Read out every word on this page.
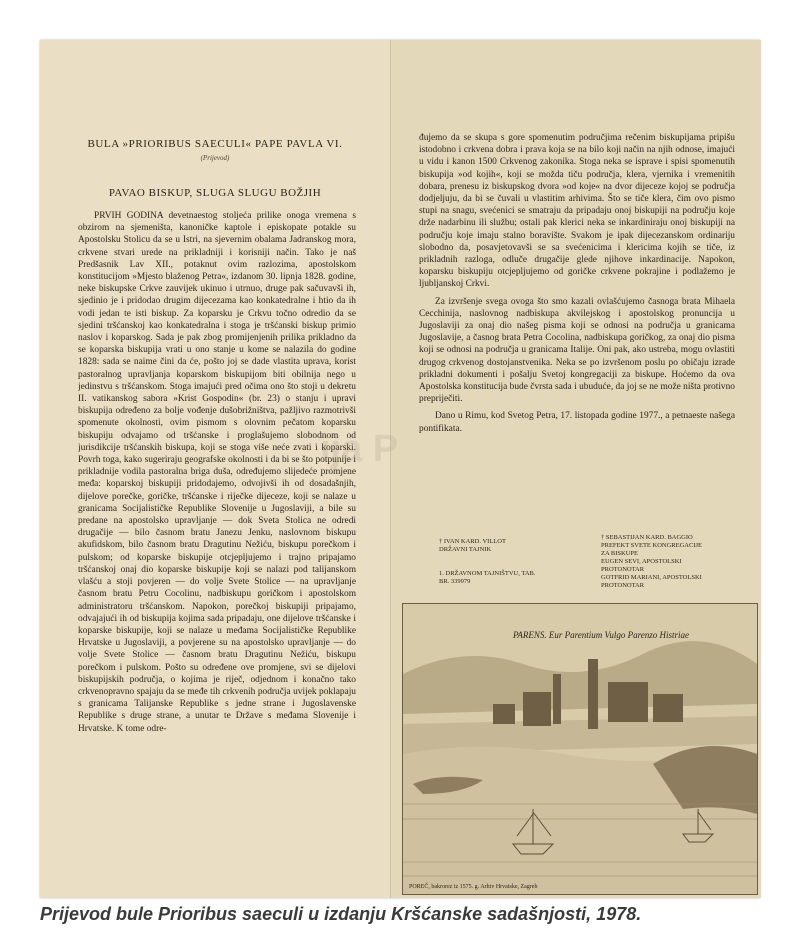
BULA »PRIORIBUS SAECULI« PAPE PAVLA VI.
(Prijevod)
PAVAO BISKUP, SLUGA SLUGU BOŽJIH

PRVIH GODINA devetnaestog stoljeća prilike onoga vremena s obzirom na sjemeništa, kanoničke kaptole i episkopate potakle su Apostolsku Stolicu da se u Istri, na sjevernim obalama Jadranskog mora, crkvene stvari urede na prikladniji i korisniji način. Tako je naš Predšasnik Lav XII., potaknut ovim razlozima, apostolskom konstitucijom »Mjesto blaženog Petra«, izdanom 30. lipnja 1828. godine, neke biskupske Crkve zauvijek ukinuo i utrnuo, druge pak sačuvavši ih, sjedinio je i pridodao drugim dijecezama kao konkatedralne i htio da ih vodi jedan te isti biskup. Za koparsku je Crkvu točno odredio da se sjedini tršćanskoj kao konkatedralna i stoga je tršćanski biskup primio naslov i koparskog. Sada je pak zbog promijenjenih prilika prikladno da se koparska biskupija vrati u ono stanje u kome se nalazila do godine 1828: sada se naime čini da će, pošto joj se dade vlastita uprava, korist pastoralnog upravljanja koparskom biskupijom biti obilnija nego u jedinstvu s tršćanskom. Stoga imajući pred očima ono što stoji u dekretu II. vatikanskog sabora »Krist Gospodin« (br. 23) o stanju i upravi biskupija određeno za bolje vođenje dušobrižništva, pažljivo razmotrivši spomenute okolnosti, ovim pismom s olovnim pečatom koparsku biskupiju odvajamo od tršćanske i proglašujemo slobodnom od jurisdikcije tršćanskih biskupa, koji se stoga više neće zvati i koparski. Povrh toga, kako sugeriraju geografske okolnosti i da bi se što potpunije i prikladnije vodila pastoralna briga duša, određujemo slijedeće promjene međa: koparskoj biskupiji pridodajemo, odvojivši ih od dosadašnjih, dijelove porečke, goričke, tršćanske i riječke dijeceze, koji se nalaze u granicama Socijalističke Republike Slovenije u Jugoslaviji, a bile su predane na apostolsko upravljanje — dok Sveta Stolica ne odredi drugačije — bilo časnom bratu Janezu Jenku, naslovnom biskupu akufidskom, bilo časnom bratu Dragutinu Nežiću, biskupu porečkom i pulskom; od koparske biskupije otcjepljujemo i trajno pripajamo tršćanskoj onaj dio koparske biskupije koji se nalazi pod talijanskom vlašću a stoji povjeren — do volje Svete Stolice — na upravljanje časnom bratu Petru Cocolinu, nadbiskupu goričkom i apostolskom administratoru tršćanskom. Napokon, porečkoj biskupiji pripajamo, odvajajući ih od biskupija kojima sada pripadaju, one dijelove tršćanske i koparske biskupije, koji se nalaze u međama Socijalističke Republike Hrvatske u Jugoslaviji, a povjerene su na apostolsko upravljanje — do volje Svete Stolice — časnom bratu Dragutinu Nežiću, biskupu porečkom i pulskom. Pošto su određene ove promjene, svi se dijelovi biskupijskih područja, o kojima je riječ, odjednom i konačno tako crkvenopravno spajaju da se međe tih crkvenih područja uvijek poklapaju s granicama Talijanske Republike s jedne strane i Jugoslavenske Republike s druge strane, a unutar te Države s međama Slovenije i Hrvatske. K tome odre-

đujemo da se skupa s gore spomenutim područjima rečenim biskupijama pripišu istodobno i crkvena dobra i prava koja se na bilo koji način na njih odnose, imajući u vidu i kanon 1500 Crkvenog zakonika. Stoga neka se isprave i spisi spomenutih biskupija »od kojih«, koji se možda tiču područja, klera, vjernika i vremenitih dobara, prenesu iz biskupskog dvora »od koje« na dvor dijeceze kojoj se područja dodjeljuju, da bi se čuvali u vlastitim arhivima. Što se tiče klera, čim ovo pismo stupi na snagu, svećenici se smatraju da pripadaju onoj biskupiji na području koje drže nadarbinu ili službu; ostali pak klerici neka se inkardiniraju onoj biskupiji na području koje imaju stalno boravište. Svakom je ipak dijecezanskom ordinariju slobodno da, posavjetovavši se sa svećenicima i klericima kojih se tiče, iz prikladnih razloga, odluče drugačije glede njihove inkardinacije. Napokon, koparsku biskupiju otcjepljujemo od goričke crkvene pokrajine i podlažemo je ljubljanskoj Crkvi.

Za izvršenje svega ovoga što smo kazali ovlašćujemo časnoga brata Mihaela Cecchinija, naslovnog nadbiskupa akvilejskog i apostolskog pronuncija u Jugoslaviji za onaj dio našeg pisma koji se odnosi na područja u granicama Jugoslavije, a časnog brata Petra Cocolina, nadbiskupa goričkog, za onaj dio pisma koji se odnosi na područja u granicama Italije. Oni pak, ako ustreba, mogu ovlastiti drugog crkvenog dostojanstvenika. Neka se po izvršenom poslu po običaju izrade prikladni dokumenti i pošalju Svetoj kongregaciji za biskupe. Hoćemo da ova Apostolska konstitucija bude čvrsta sada i ubuduće, da joj se ne može ništa protivno prepriječiti.

Dano u Rimu, kod Svetog Petra, 17. listopada godine 1977., a petnaeste našega pontifikata.

† IVAN KARD. VILLOT
DRŽAVNI TAJNIK
† SEBASTIJAN KARD. BAGGIO
PREFEKT SVETE KONGREGACIJE
ZA BISKUPE
EUGEN SEVI, APOSTOLSKI
PROTONOTAR
GOTFRID MARIANI, APOSTOLSKI
PROTONOTAR
1. DRŽAVNOM TAJNIŠTVU, TAB.
BR. 339979
PARENS. Eur Parentium Vulgo Parenzo Histriae
POREČ, bakrorez iz 1575. g. Arhiv Hrvatske, Zagreb
ija P
Prijevod bule Prioribus saeculi u izdanju Kršćanske sadašnjosti, 1978.
